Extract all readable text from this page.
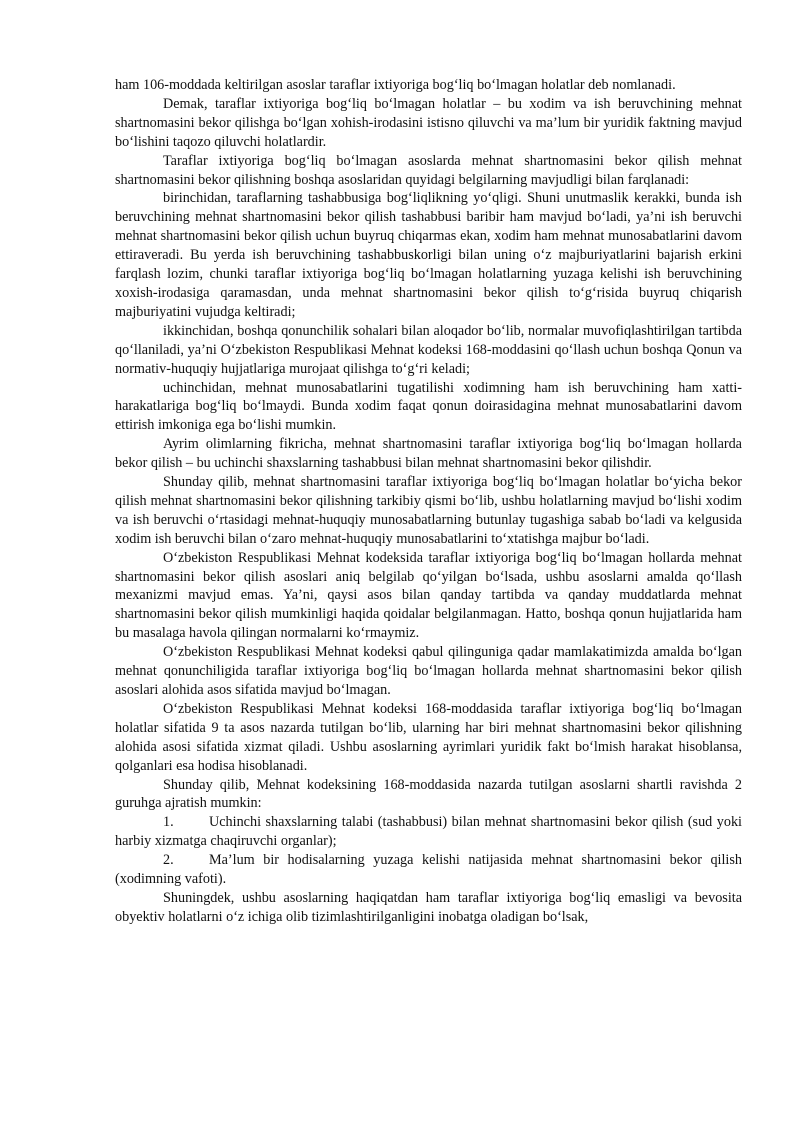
ham 106-moddada keltirilgan asoslar taraflar ixtiyoriga bog‘liq bo‘lmagan holatlar deb nomlanadi.

Demak, taraflar ixtiyoriga bog‘liq bo‘lmagan holatlar – bu xodim va ish beruvchining mehnat shartnomasini bekor qilishga bo‘lgan xohish-irodasini istisno qiluvchi va ma’lum bir yuridik faktning mavjud bo‘lishini taqozo qiluvchi holatlardir.

Taraflar ixtiyoriga bog‘liq bo‘lmagan asoslarda mehnat shartnomasini bekor qilish mehnat shartnomasini bekor qilishning boshqa asoslaridan quyidagi belgilarning mavjudligi bilan farqlanadi:

birinchidan, taraflarning tashabbusiga bog‘liqlikning yo‘qligi. Shuni unutmaslik kerakki, bunda ish beruvchining mehnat shartnomasini bekor qilish tashabbusi baribir ham mavjud bo‘ladi, ya’ni ish beruvchi mehnat shartnomasini bekor qilish uchun buyruq chiqarmas ekan, xodim ham mehnat munosabatlarini davom ettiraveradi. Bu yerda ish beruvchining tashabbuskorligi bilan uning o‘z majburiyatlarini bajarish erkini farqlash lozim, chunki taraflar ixtiyoriga bog‘liq bo‘lmagan holatlarning yuzaga kelishi ish beruvchining xoxish-irodasiga qaramasdan, unda mehnat shartnomasini bekor qilish to‘g‘risida buyruq chiqarish majburiyatini vujudga keltiradi;

ikkinchidan, boshqa qonunchilik sohalari bilan aloqador bo‘lib, normalar muvofiqlashtirilgan tartibda qo‘llaniladi, ya’ni O‘zbekiston Respublikasi Mehnat kodeksi 168-moddasini qo‘llash uchun boshqa Qonun va normativ-huquqiy hujjatlariga murojaat qilishga to‘g‘ri keladi;

uchinchidan, mehnat munosabatlarini tugatilishi xodimning ham ish beruvchining ham xatti-harakatlariga bog‘liq bo‘lmaydi. Bunda xodim faqat qonun doirasidagina mehnat munosabatlarini davom ettirish imkoniga ega bo‘lishi mumkin.

Ayrim olimlarning fikricha, mehnat shartnomasini taraflar ixtiyoriga bog‘liq bo‘lmagan hollarda bekor qilish – bu uchinchi shaxslarning tashabbusi bilan mehnat shartnomasini bekor qilishdir.

Shunday qilib, mehnat shartnomasini taraflar ixtiyoriga bog‘liq bo‘lmagan holatlar bo‘yicha bekor qilish mehnat shartnomasini bekor qilishning tarkibiy qismi bo‘lib, ushbu holatlarning mavjud bo‘lishi xodim va ish beruvchi o‘rtasidagi mehnat-huquqiy munosabatlarning butunlay tugashiga sabab bo‘ladi va kelgusida xodim ish beruvchi bilan o‘zaro mehnat-huquqiy munosabatlarini to‘xtatishga majbur bo‘ladi.

O‘zbekiston Respublikasi Mehnat kodeksida taraflar ixtiyoriga bog‘liq bo‘lmagan hollarda mehnat shartnomasini bekor qilish asoslari aniq belgilab qo‘yilgan bo‘lsada, ushbu asoslarni amalda qo‘llash mexanizmi mavjud emas. Ya’ni, qaysi asos bilan qanday tartibda va qanday muddatlarda mehnat shartnomasini bekor qilish mumkinligi haqida qoidalar belgilanmagan. Hatto, boshqa qonun hujjatlarida ham bu masalaga havola qilingan normalarni ko‘rmaymiz.

O‘zbekiston Respublikasi Mehnat kodeksi qabul qilinguniga qadar mamlakatimizda amalda bo‘lgan mehnat qonunchiligida taraflar ixtiyoriga bog‘liq bo‘lmagan hollarda mehnat shartnomasini bekor qilish asoslari alohida asos sifatida mavjud bo‘lmagan.

O‘zbekiston Respublikasi Mehnat kodeksi 168-moddasida taraflar ixtiyoriga bog‘liq bo‘lmagan holatlar sifatida 9 ta asos nazarda tutilgan bo‘lib, ularning har biri mehnat shartnomasini bekor qilishning alohida asosi sifatida xizmat qiladi. Ushbu asoslarning ayrimlari yuridik fakt bo‘lmish harakat hisoblansa, qolganlari esa hodisa hisoblanadi.

Shunday qilib, Mehnat kodeksining 168-moddasida nazarda tutilgan asoslarni shartli ravishda 2 guruhga ajratish mumkin:

1. Uchinchi shaxslarning talabi (tashabbusi) bilan mehnat shartnomasini bekor qilish (sud yoki harbiy xizmatga chaqiruvchi organlar);

2. Ma’lum bir hodisalarning yuzaga kelishi natijasida mehnat shartnomasini bekor qilish (xodimning vafoti).

Shuningdek, ushbu asoslarning haqiqatdan ham taraflar ixtiyoriga bog‘liq emasligi va bevosita obyektiv holatlarni o‘z ichiga olib tizimlashtirilganligini inobatga oladigan bo‘lsak,
